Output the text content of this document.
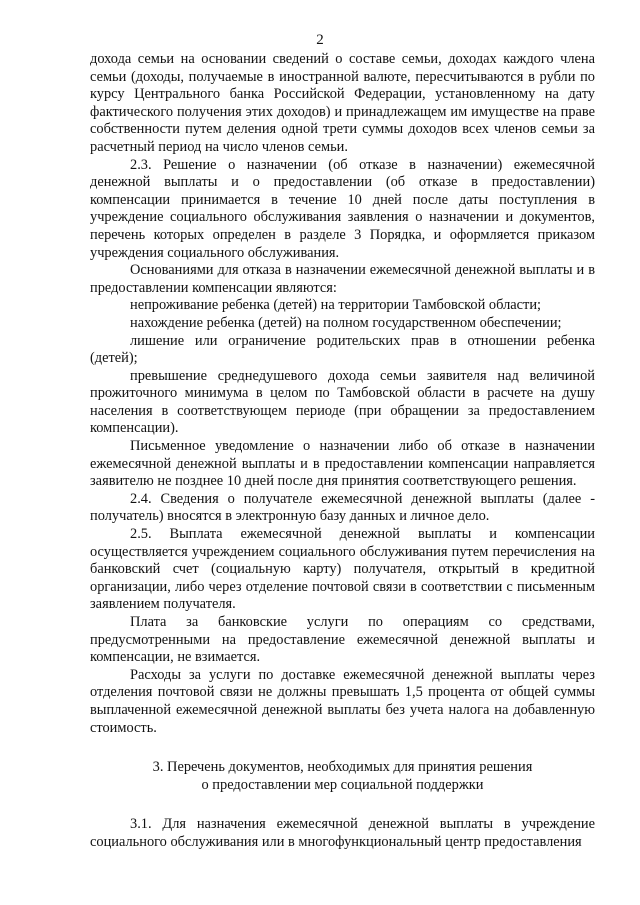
2

дохода семьи на основании сведений о составе семьи, доходах каждого члена семьи (доходы, получаемые в иностранной валюте, пересчитываются в рубли по курсу Центрального банка Российской Федерации, установленному на дату фактического получения этих доходов) и принадлежащем им имуществе на праве собственности путем деления одной трети суммы доходов всех членов семьи за расчетный период на число членов семьи.

2.3. Решение о назначении (об отказе в назначении) ежемесячной денежной выплаты и о предоставлении (об отказе в предоставлении) компенсации принимается в течение 10 дней после даты поступления в учреждение социального обслуживания заявления о назначении и документов, перечень которых определен в разделе 3 Порядка, и оформляется приказом учреждения социального обслуживания.

Основаниями для отказа в назначении ежемесячной денежной выплаты и в предоставлении компенсации являются:

непроживание ребенка (детей) на территории Тамбовской области;

нахождение ребенка (детей) на полном государственном обеспечении;

лишение или ограничение родительских прав в отношении ребенка (детей);

превышение среднедушевого дохода семьи заявителя над величиной прожиточного минимума в целом по Тамбовской области в расчете на душу населения в соответствующем периоде (при обращении за предоставлением компенсации).

Письменное уведомление о назначении либо об отказе в назначении ежемесячной денежной выплаты и в предоставлении компенсации направляется заявителю не позднее 10 дней после дня принятия соответствующего решения.

2.4. Сведения о получателе ежемесячной денежной выплаты (далее - получатель) вносятся в электронную базу данных и личное дело.

2.5. Выплата ежемесячной денежной выплаты и компенсации осуществляется учреждением социального обслуживания путем перечисления на банковский счет (социальную карту) получателя, открытый в кредитной организации, либо через отделение почтовой связи в соответствии с письменным заявлением получателя.

Плата за банковские услуги по операциям со средствами, предусмотренными на предоставление ежемесячной денежной выплаты и компенсации, не взимается.

Расходы за услуги по доставке ежемесячной денежной выплаты через отделения почтовой связи не должны превышать 1,5 процента от общей суммы выплаченной ежемесячной денежной выплаты без учета налога на добавленную стоимость.

3. Перечень документов, необходимых для принятия решения
о предоставлении мер социальной поддержки

3.1. Для назначения ежемесячной денежной выплаты в учреждение социального обслуживания или в многофункциональный центр предоставления
